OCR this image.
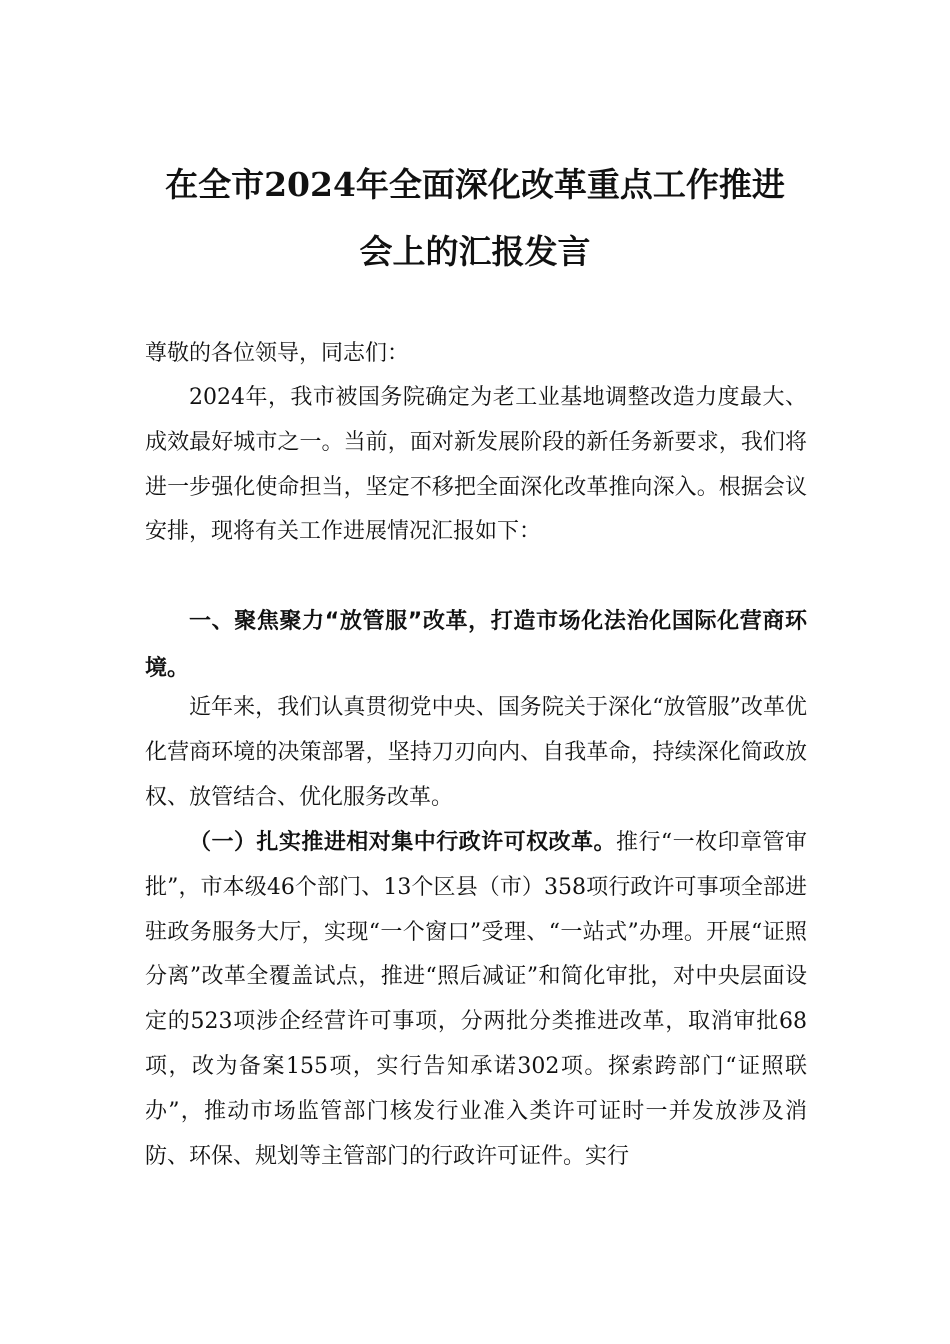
在全市2024年全面深化改革重点工作推进
会上的汇报发言
尊敬的各位领导，同志们：
2024年，我市被国务院确定为老工业基地调整改造力度最大、成效最好城市之一。当前，面对新发展阶段的新任务新要求，我们将进一步强化使命担当，坚定不移把全面深化改革推向深入。根据会议安排，现将有关工作进展情况汇报如下：
一、聚焦聚力“放管服”改革，打造市场化法治化国际化营商环境。
近年来，我们认真贯彻党中央、国务院关于深化“放管服”改革优化营商环境的决策部署，坚持刀刃向内、自我革命，持续深化简政放权、放管结合、优化服务改革。
（一）扎实推进相对集中行政许可权改革。推行“一枚印章管审批”，市本级46个部门、13个区县（市）358项行政许可事项全部进驻政务服务大厅，实现“一个窗口”受理、“一站式”办理。开展“证照分离”改革全覆盖试点，推进“照后减证”和简化审批，对中央层面设定的523项涉企经营许可事项，分两批分类推进改革，取消审批68项，改为备案155项，实行告知承诺302项。探索跨部门“证照联办”，推动市场监管部门核发行业准入类许可证时一并发放涉及消防、环保、规划等主管部门的行政许可证件。实行
